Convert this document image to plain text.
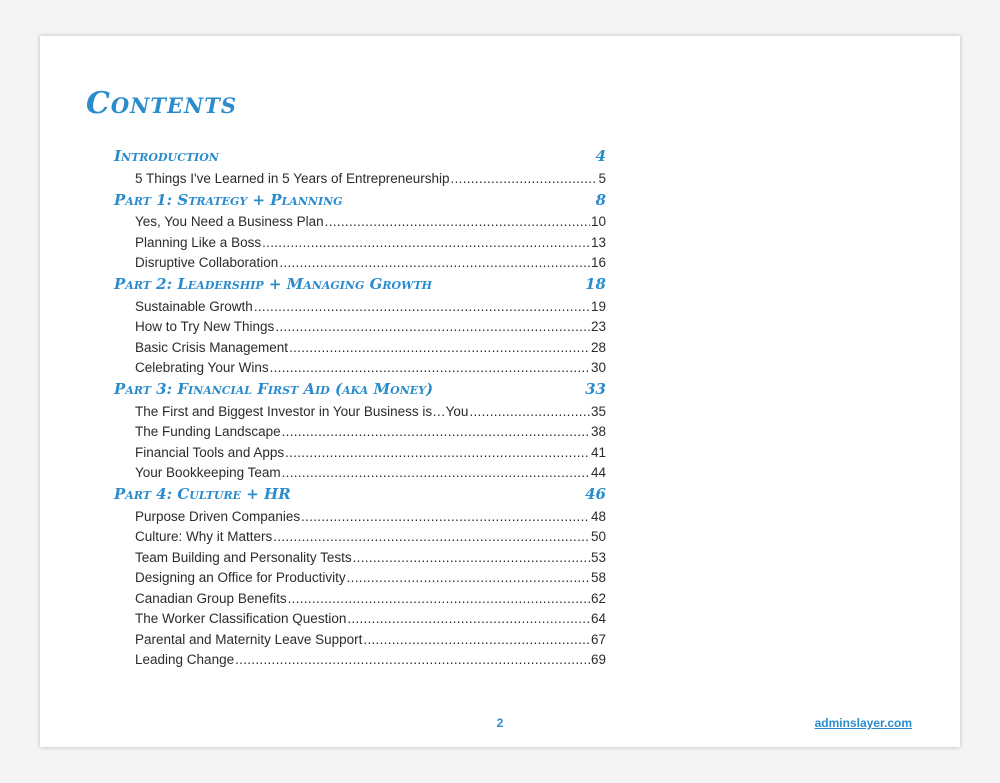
Contents
Introduction	4
5 Things I've Learned in 5 Years of Entrepreneurship .....	5
Part 1: Strategy + Planning	8
Yes, You Need a Business Plan .....	10
Planning Like a Boss .....	13
Disruptive Collaboration .....	16
Part 2: Leadership + Managing Growth	18
Sustainable Growth .....	19
How to Try New Things .....	23
Basic Crisis Management .....	28
Celebrating Your Wins .....	30
Part 3: Financial First Aid (aka Money)	33
The First and Biggest Investor in Your Business is…You .....	35
The Funding Landscape .....	38
Financial Tools and Apps .....	41
Your Bookkeeping Team .....	44
Part 4: Culture + HR	46
Purpose Driven Companies .....	48
Culture: Why it Matters .....	50
Team Building and Personality Tests .....	53
Designing an Office for Productivity .....	58
Canadian Group Benefits .....	62
The Worker Classification Question .....	64
Parental and Maternity Leave Support .....	67
Leading Change .....	69
2	adminslayer.com
